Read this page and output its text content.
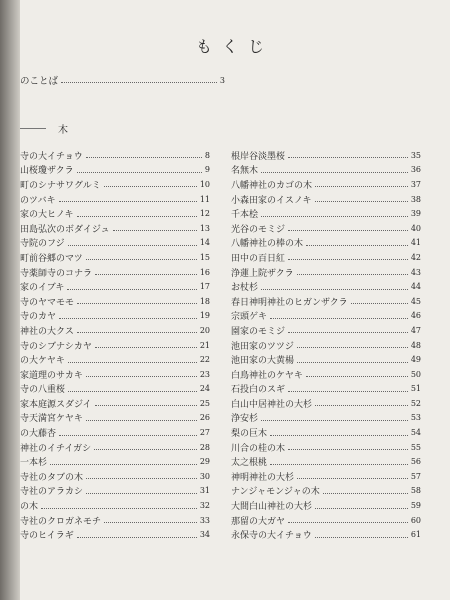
もくじ
のことば	3
木
寺の大イチョウ	8
山桜瓊ザクラ	9
町のシナサワグルミ	10
のツバキ	11
家の大ヒノキ	12
田島弘次のボダイジュ	13
寺院のフジ	14
町前谷郷のマツ	15
寺薬師寺のコナラ	16
家のイブキ	17
寺のヤマモモ	18
寺のカヤ	19
神社の大クス	20
寺のシブナシカヤ	21
の大ケヤキ	22
家道理のサカキ	23
寺の八重桜	24
家本庭源スダジイ	25
寺天満宮ケヤキ	26
の大藤杏	27
神社のイチイガシ	28
一本杉	29
寺社のタブの木	30
寺社のアラカシ	31
の木	32
寺社のクロガネモチ	33
寺のヒイラギ	34
根岸谷淡墨桜	35
名無木	36
八幡神社のカゴの木	37
小森田家のイスノキ	38
千本桧	39
光谷のモミジ	40
八幡神社の棒の木	41
田中の百日紅	42
浄蓮上院ザクラ	43
お杖杉	44
春日神明神社のヒガンザクラ	45
宗頭ゲキ	46
園家のモミジ	47
池田家のツツジ	48
池田家の大黄楊	49
白鳥神社のケヤキ	50
石投白のスギ	51
白山中居神社の大杉	52
浄安杉	53
梨の巨木	54
川合の桂の木	55
太之根桃	56
神明神社の大杉	57
ナンジャモンジャの木	58
大間白山神社の大杉	59
那留の大ガヤ	60
永保寺の大イチョウ	61
